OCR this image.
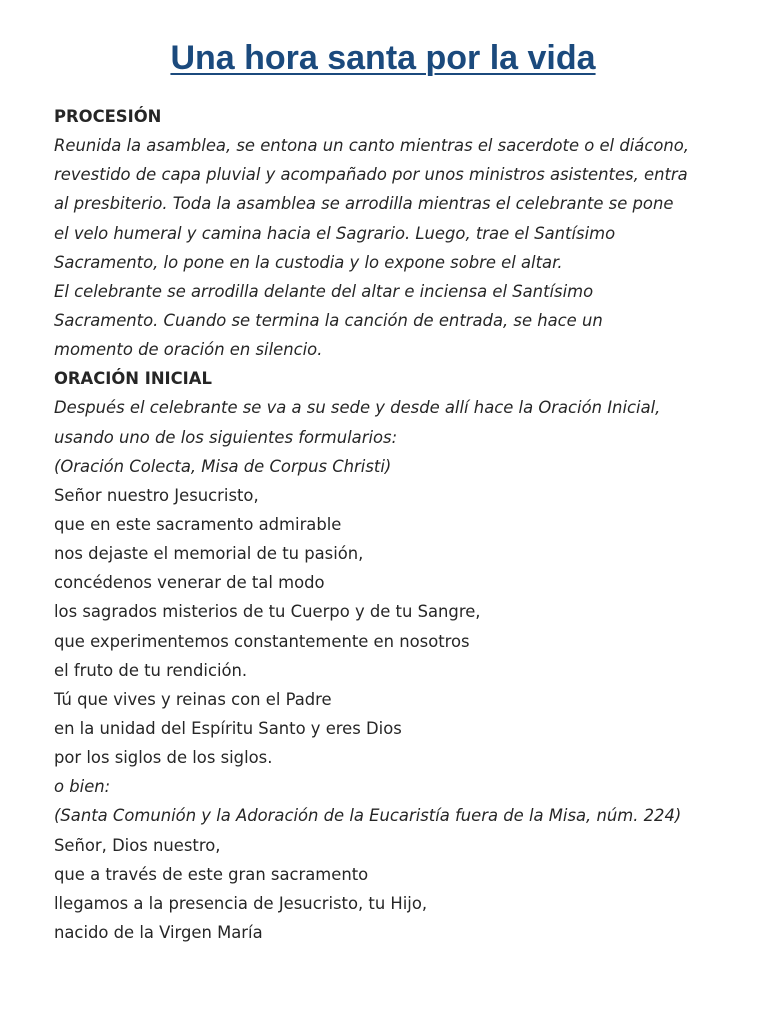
Una hora santa por la vida
PROCESIÓN
Reunida la asamblea, se entona un canto mientras el sacerdote o el diácono,
revestido de capa pluvial y acompañado por unos ministros asistentes, entra
al presbiterio. Toda la asamblea se arrodilla mientras el celebrante se pone
el velo humeral y camina hacia el Sagrario. Luego, trae el Santísimo
Sacramento, lo pone en la custodia y lo expone sobre el altar.
El celebrante se arrodilla delante del altar e inciensa el Santísimo
Sacramento. Cuando se termina la canción de entrada, se hace un
momento de oración en silencio.
ORACIÓN INICIAL
Después el celebrante se va a su sede y desde allí hace la Oración Inicial,
usando uno de los siguientes formularios:
(Oración Colecta, Misa de Corpus Christi)
Señor nuestro Jesucristo,
que en este sacramento admirable
nos dejaste el memorial de tu pasión,
concédenos venerar de tal modo
los sagrados misterios de tu Cuerpo y de tu Sangre,
que experimentemos constantemente en nosotros
el fruto de tu rendición.
Tú que vives y reinas con el Padre
en la unidad del Espíritu Santo y eres Dios
por los siglos de los siglos.
o bien:
(Santa Comunión y la Adoración de la Eucaristía fuera de la Misa, núm. 224)
Señor, Dios nuestro,
que a través de este gran sacramento
llegamos a la presencia de Jesucristo, tu Hijo,
nacido de la Virgen María
